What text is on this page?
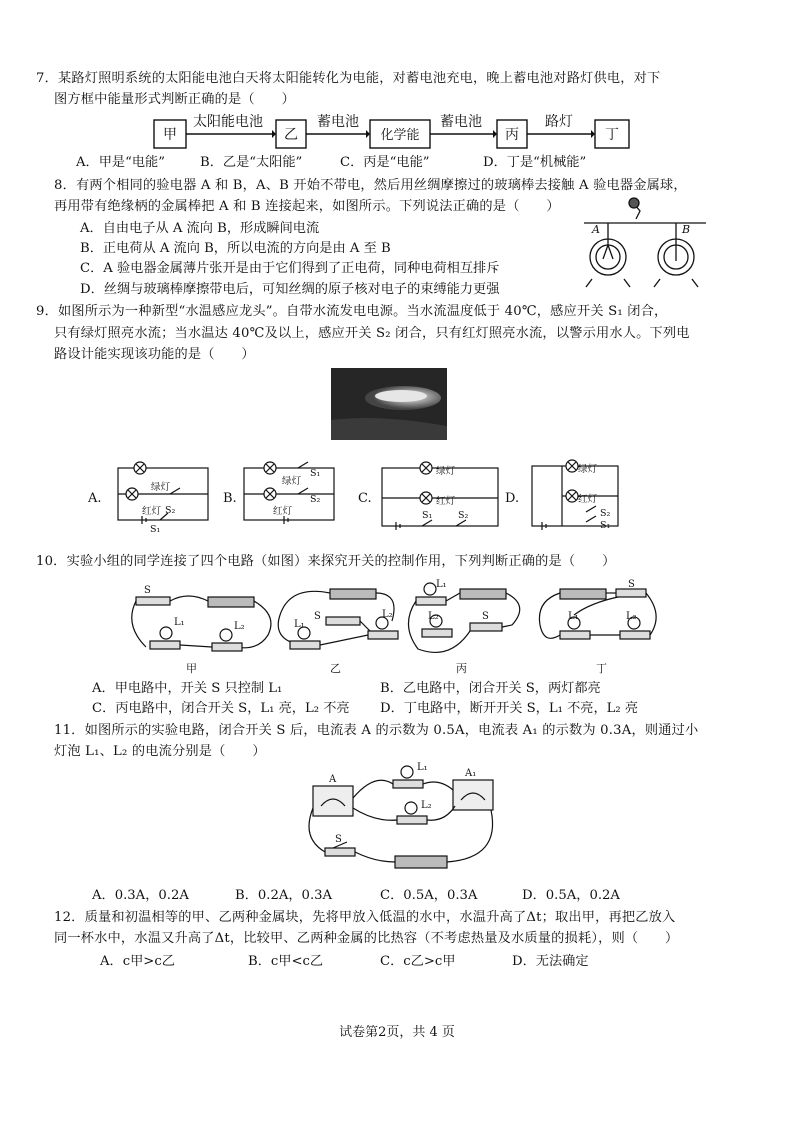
7．某路灯照明系统的太阳能电池白天将太阳能转化为电能，对蓄电池充电，晚上蓄电池对路灯供电，对下
图方框中能量形式判断正确的是（　　）
甲	乙	化学能	丙	丁
太阳能电池	蓄电池	蓄电池	路灯
A．甲是“电能”	B．乙是“太阳能”	C．丙是“电能”	D．丁是“机械能”
8．有两个相同的验电器 A 和 B，A、B 开始不带电，然后用丝绸摩擦过的玻璃棒去接触 A 验电器金属球，
再用带有绝缘柄的金属棒把 A 和 B 连接起来，如图所示。下列说法正确的是（　　）
A．自由电子从 A 流向 B，形成瞬间电流
B．正电荷从 A 流向 B，所以电流的方向是由 A 至 B
C．A 验电器金属薄片张开是由于它们得到了正电荷，同种电荷相互排斥
D．丝绸与玻璃棒摩擦带电后，可知丝绸的原子核对电子的束缚能力更强
A	B
9．如图所示为一种新型“水温感应龙头”。自带水流发电电源。当水流温度低于 40℃，感应开关 S₁ 闭合，
只有绿灯照亮水流；当水温达 40℃及以上，感应开关 S₂ 闭合，只有红灯照亮水流，以警示用水人。下列电
路设计能实现该功能的是（　　）
A.
绿灯
红灯 S₂
S₁
B.
绿灯
红灯
S₁
S₂	C.
绿灯
红灯
S₁	S₂
D.
绿灯
红灯
S₂
S₁
10．实验小组的同学连接了四个电路（如图）来探究开关的控制作用，下列判断正确的是（　　）
S
L₁	L₂
S
L₁
L₂
L₁
L₂	S
S
L₁	L₂
甲	乙	丙	丁
A．甲电路中，开关 S 只控制 L₁	B．乙电路中，闭合开关 S，两灯都亮
C．丙电路中，闭合开关 S，L₁ 亮，L₂ 不亮 D．丁电路中，断开开关 S，L₁ 不亮，L₂ 亮
11．如图所示的实验电路，闭合开关 S 后，电流表 A 的示数为 0.5A，电流表 A₁ 的示数为 0.3A，则通过小
灯泡 L₁、L₂ 的电流分别是（　　）
A
A₁
L₁
L₂
S
A．0.3A，0.2A	B．0.2A，0.3A	C．0.5A，0.3A	D．0.5A，0.2A
12．质量和初温相等的甲、乙两种金属块，先将甲放入低温的水中，水温升高了Δt；取出甲，再把乙放入
同一杯水中，水温又升高了Δt，比较甲、乙两种金属的比热容（不考虑热量及水质量的损耗），则（　　）
A．c甲>c乙	B．c甲<c乙	C．c乙>c甲	D．无法确定
试卷第2页，共 4 页
